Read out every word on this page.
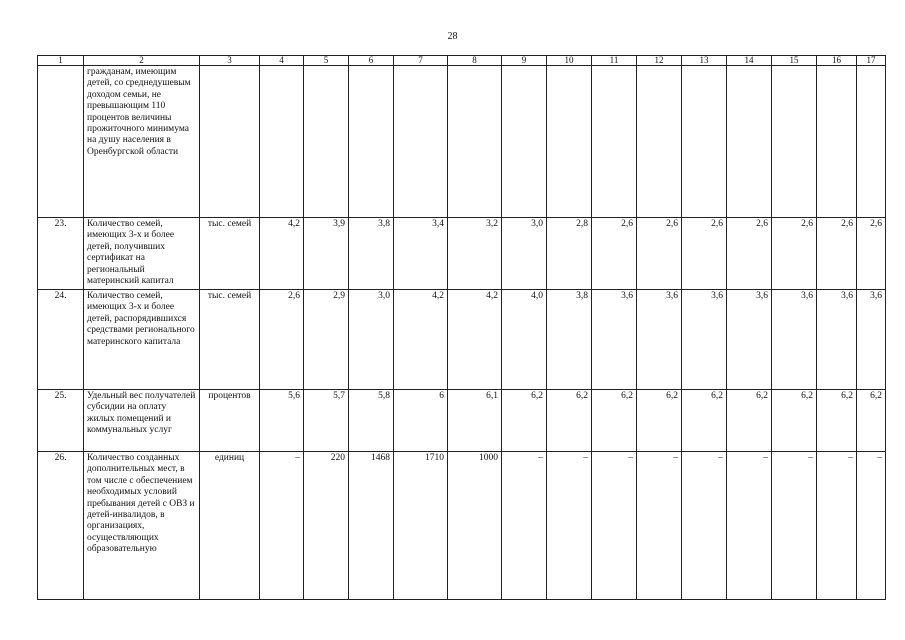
28
1	2	3	4	5	6	7	8	9	10	11	12	13	14	15	16	17
	гражданам, имеющим детей, со среднедушевым доходом семьи, не превышающим 110 процентов величины прожиточного минимума на душу населения в Оренбургской области															
23.	Количество семей, имеющих 3-х и более детей, получивших сертификат на региональный материнский капитал	тыс. семей	4,2	3,9	3,8	3,4	3,2	3,0	2,8	2,6	2,6	2,6	2,6	2,6	2,6	2,6
24.	Количество семей, имеющих 3-х и более детей, распорядившихся средствами регионального материнского капитала	тыс. семей	2,6	2,9	3,0	4,2	4,2	4,0	3,8	3,6	3,6	3,6	3,6	3,6	3,6	3,6
25.	Удельный вес получателей субсидии на оплату жилых помещений и коммунальных услуг	процентов	5,6	5,7	5,8	6	6,1	6,2	6,2	6,2	6,2	6,2	6,2	6,2	6,2	6,2
26.	Количество созданных дополнительных мест, в том числе с обеспечением необходимых условий пребывания детей с ОВЗ и детей-инвалидов, в организациях, осуществляющих образовательную	единиц	–	220	1468	1710	1000	–	–	–	–	–	–	–	–	–
